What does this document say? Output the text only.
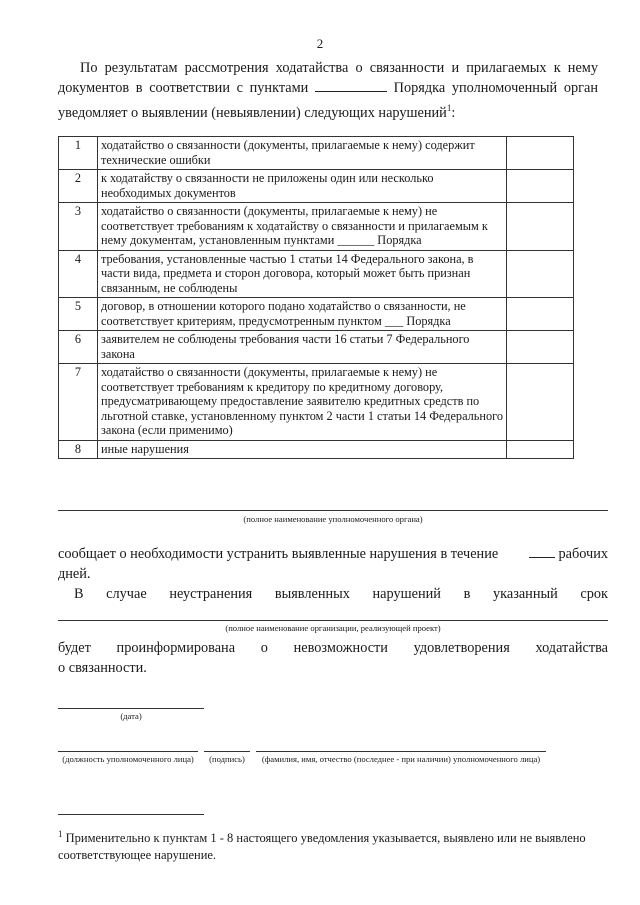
2

По результатам рассмотрения ходатайства о связанности и прилагаемых к нему документов в соответствии с пунктами	Порядка уполномоченный орган уведомляет о выявлении (невыявлении) следующих нарушений$^1$:

1	ходатайство о связанности (документы, прилагаемые к нему) содержит технические ошибки	
2	к ходатайству о связанности не приложены один или несколько необходимых документов	
3	ходатайство о связанности (документы, прилагаемые к нему) не соответствует требованиям к ходатайству о связанности и прилагаемым к нему документам, установленным пунктами ______ Порядка	
4	требования, установленные частью 1 статьи 14 Федерального закона, в части вида, предмета и сторон договора, который может быть признан связанным, не соблюдены	
5	договор, в отношении которого подано ходатайство о связанности, не соответствует критериям, предусмотренным пунктом ___ Порядка	
6	заявителем не соблюдены требования части 16 статьи 7 Федерального закона	
7	ходатайство о связанности (документы, прилагаемые к нему) не соответствует требованиям к кредитору по кредитному договору, предусматривающему предоставление заявителю кредитных средств по льготной ставке, установленному пунктом 2 части 1 статьи 14 Федерального закона (если применимо)	
8	иные нарушения	
(полное наименование уполномоченного органа)
сообщает о необходимости устранить выявленные нарушения в течение	рабочих
дней.
В случае неустранения выявленных нарушений в указанный срок
(полное наименование организации, реализующей проект)
будет проинформирована о невозможности удовлетворения ходатайства
о связанности.
(дата)
(должность уполномоченного лица)	(подпись)	(фамилия, имя, отчество (последнее - при наличии) уполномоченного лица)
$^1$ Применительно к пунктам 1 - 8 настоящего уведомления указывается, выявлено или не выявлено соответствующее нарушение.
